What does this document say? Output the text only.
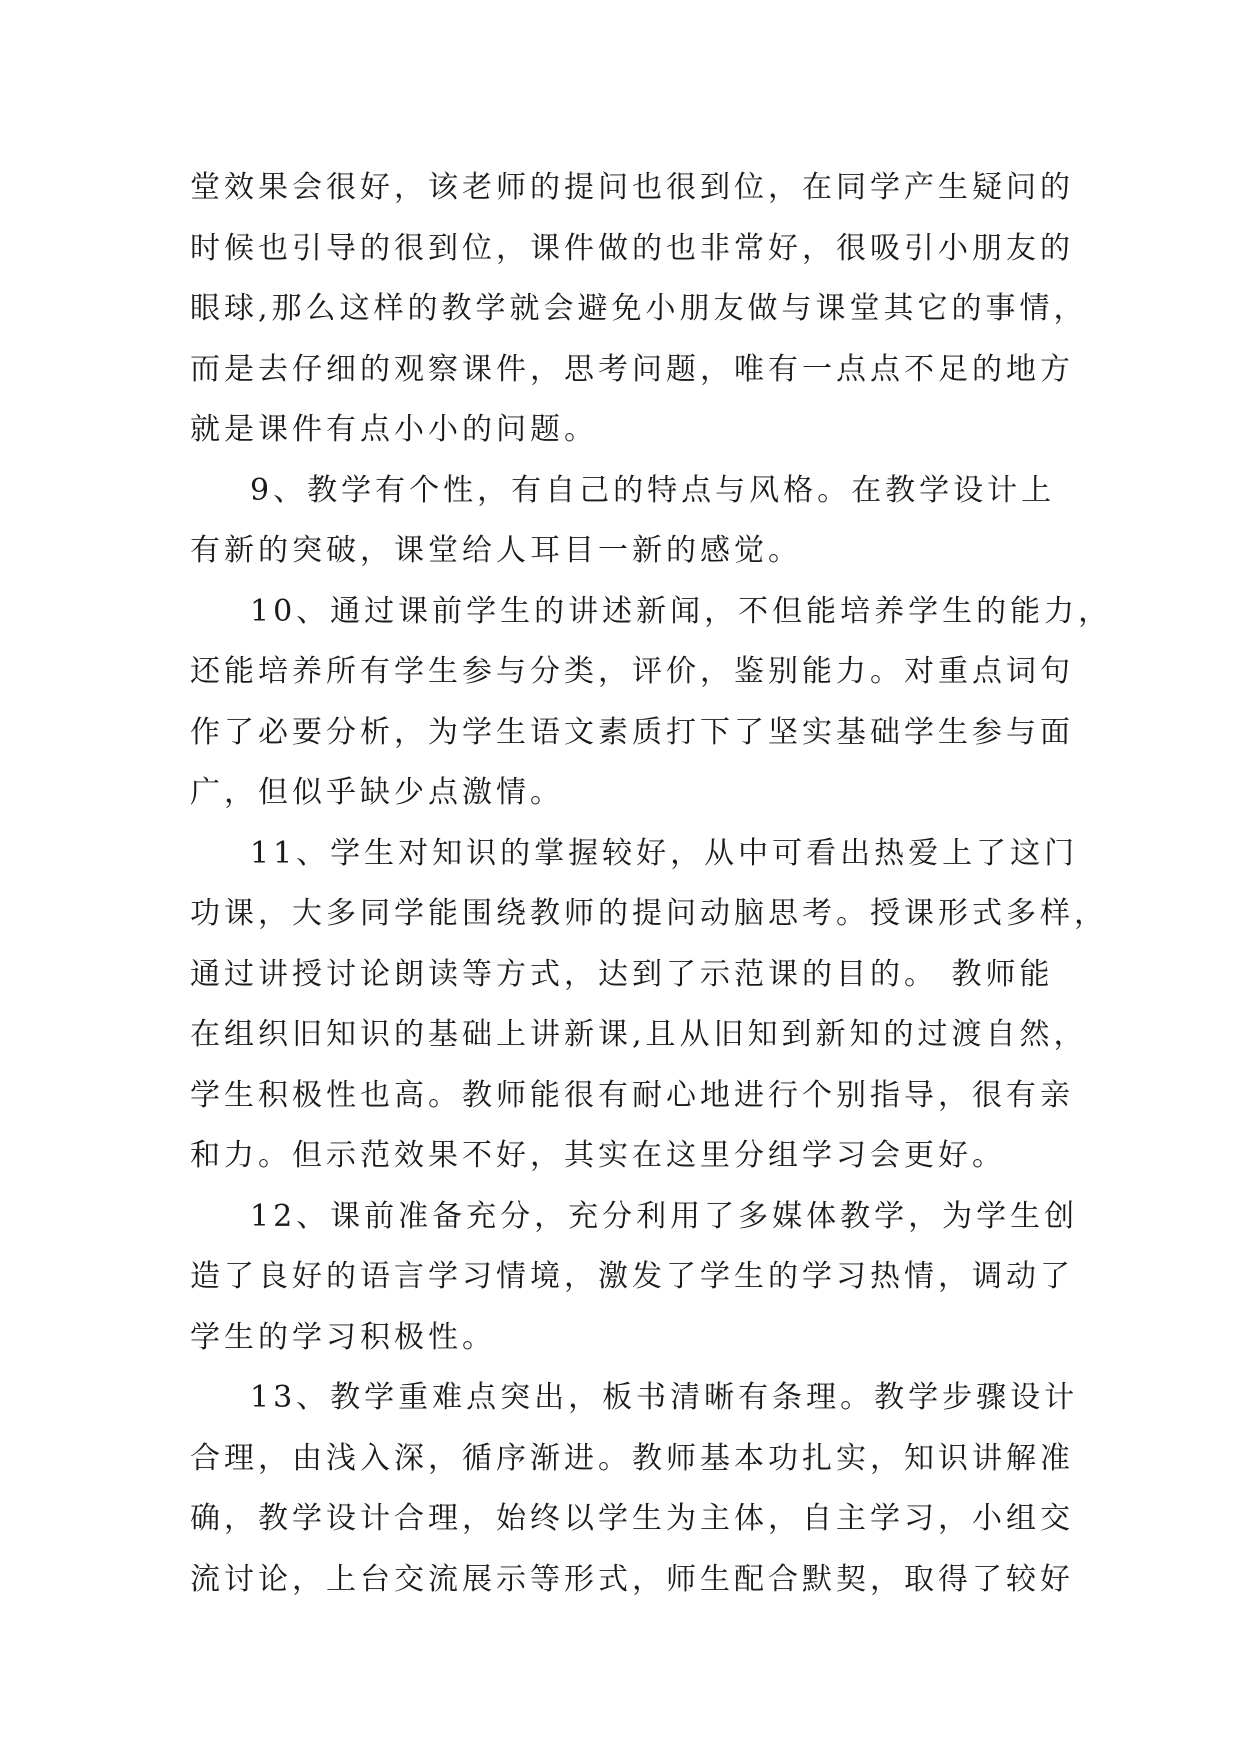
堂效果会很好，该老师的提问也很到位，在同学产生疑问的
时候也引导的很到位，课件做的也非常好，很吸引小朋友的
眼球,那么这样的教学就会避免小朋友做与课堂其它的事情，
而是去仔细的观察课件，思考问题，唯有一点点不足的地方
就是课件有点小小的问题。
9、教学有个性，有自己的特点与风格。在教学设计上
有新的突破，课堂给人耳目一新的感觉。
10、通过课前学生的讲述新闻，不但能培养学生的能力，
还能培养所有学生参与分类，评价，鉴别能力。对重点词句
作了必要分析，为学生语文素质打下了坚实基础学生参与面
广，但似乎缺少点激情。
11、学生对知识的掌握较好，从中可看出热爱上了这门
功课，大多同学能围绕教师的提问动脑思考。授课形式多样，
通过讲授讨论朗读等方式，达到了示范课的目的。 教师能
在组织旧知识的基础上讲新课,且从旧知到新知的过渡自然，
学生积极性也高。教师能很有耐心地进行个别指导，很有亲
和力。但示范效果不好，其实在这里分组学习会更好。
12、课前准备充分，充分利用了多媒体教学，为学生创
造了良好的语言学习情境，激发了学生的学习热情，调动了
学生的学习积极性。
13、教学重难点突出，板书清晰有条理。教学步骤设计
合理，由浅入深，循序渐进。教师基本功扎实，知识讲解准
确，教学设计合理，始终以学生为主体，自主学习，小组交
流讨论，上台交流展示等形式，师生配合默契，取得了较好
